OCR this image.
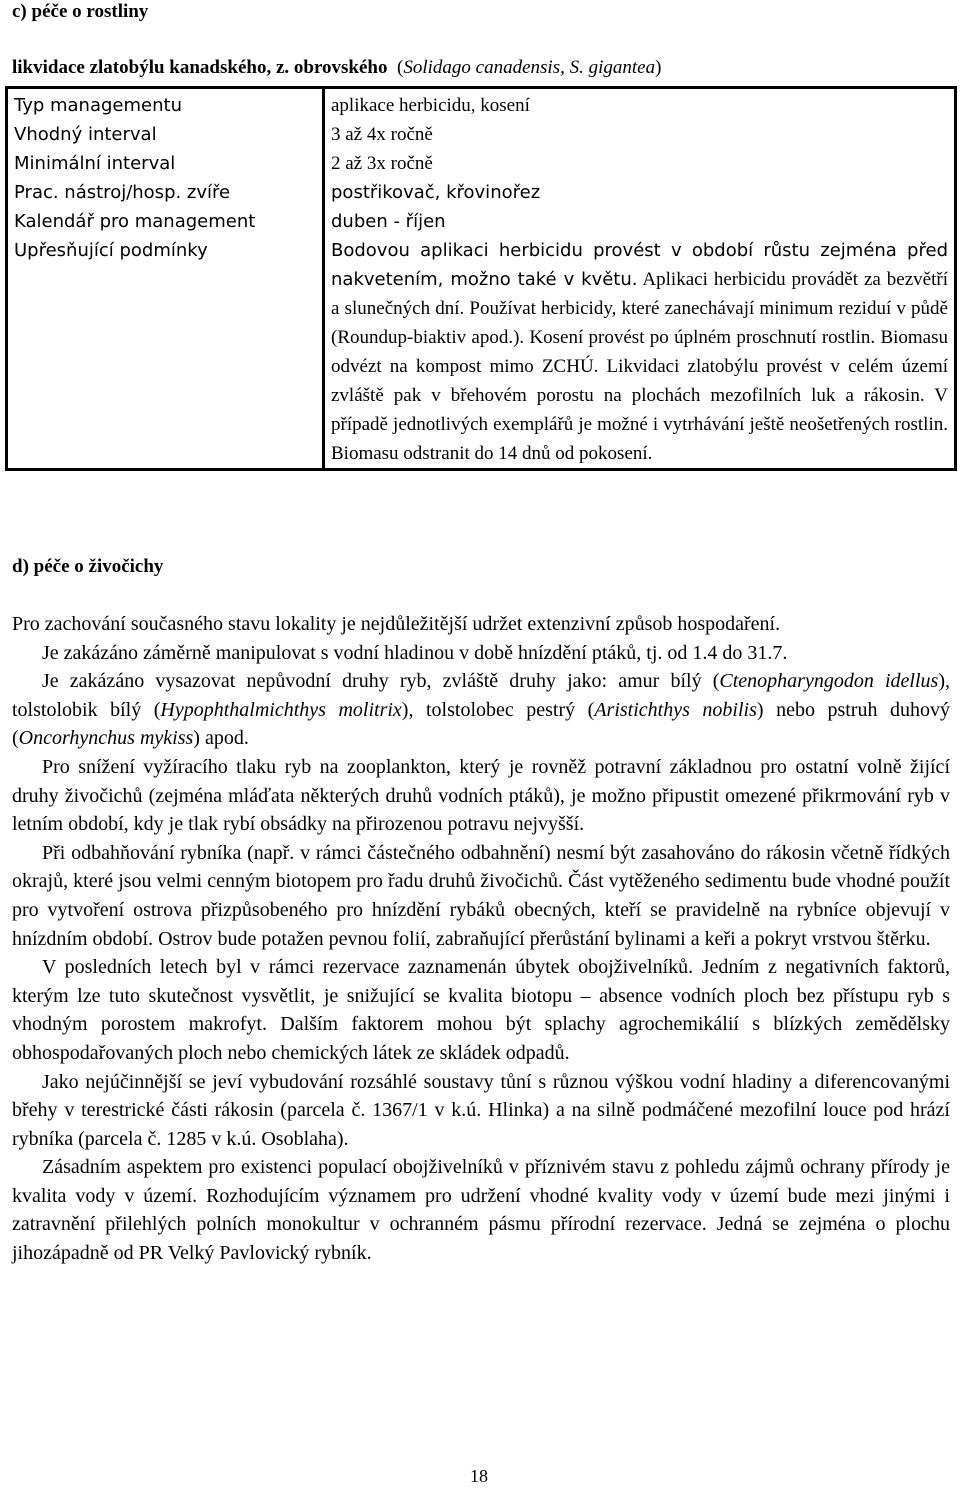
c) péče o rostliny
likvidace zlatobýlu kanadského, z. obrovského (Solidago canadensis, S. gigantea)
Typ managementu	aplikace herbicidu, kosení
Vhodný interval	3 až 4x ročně
Minimální interval	2 až 3x ročně
Prac. nástroj/hosp. zvíře	postřikovač, křovinořez
Kalendář pro management	duben - říjen
Upřesňující podmínky	Bodovou aplikaci herbicidu provést v období růstu zejména před nakvetením, možno také v květu. Aplikaci herbicidu provádět za bezvětří a slunečných dní. Používat herbicidy, které zanechávají minimum reziduí v půdě (Roundup-biaktiv apod.). Kosení provést po úplném proschnutí rostlin. Biomasu odvézt na kompost mimo ZCHÚ. Likvidaci zlatobýlu provést v celém území zvláště pak v břehovém porostu na plochách mezofilních luk a rákosin. V případě jednotlivých exemplářů je možné i vytrhávání ještě neošetřených rostlin. Biomasu odstranit do 14 dnů od pokosení.
d) péče o živočichy

Pro zachování současného stavu lokality je nejdůležitější udržet extenzivní způsob hospodaření.

Je zakázáno záměrně manipulovat s vodní hladinou v době hnízdění ptáků, tj. od 1.4 do 31.7.

Je zakázáno vysazovat nepůvodní druhy ryb, zvláště druhy jako: amur bílý (Ctenopharyngodon idellus), tolstolobik bílý (Hypophthalmichthys molitrix), tolstolobec pestrý (Aristichthys nobilis) nebo pstruh duhový (Oncorhynchus mykiss) apod.

Pro snížení vyžíracího tlaku ryb na zooplankton, který je rovněž potravní základnou pro ostatní volně žijící druhy živočichů (zejména mláďata některých druhů vodních ptáků), je možno připustit omezené přikrmování ryb v letním období, kdy je tlak rybí obsádky na přirozenou potravu nejvyšší.

Při odbahňování rybníka (např. v rámci částečného odbahnění) nesmí být zasahováno do rákosin včetně řídkých okrajů, které jsou velmi cenným biotopem pro řadu druhů živočichů. Část vytěženého sedimentu bude vhodné použít pro vytvoření ostrova přizpůsobeného pro hnízdění rybáků obecných, kteří se pravidelně na rybníce objevují v hnízdním období. Ostrov bude potažen pevnou folií, zabraňující přerůstání bylinami a keři a pokryt vrstvou štěrku.

V posledních letech byl v rámci rezervace zaznamenán úbytek obojživelníků. Jedním z negativních faktorů, kterým lze tuto skutečnost vysvětlit, je snižující se kvalita biotopu – absence vodních ploch bez přístupu ryb s vhodným porostem makrofyt. Dalším faktorem mohou být splachy agrochemikálií s blízkých zemědělsky obhospodařovaných ploch nebo chemických látek ze skládek odpadů.

Jako nejúčinnější se jeví vybudování rozsáhlé soustavy tůní s různou výškou vodní hladiny a diferencovanými břehy v terestrické části rákosin (parcela č. 1367/1 v k.ú. Hlinka) a na silně podmáčené mezofilní louce pod hrází rybníka (parcela č. 1285 v k.ú. Osoblaha).

Zásadním aspektem pro existenci populací obojživelníků v příznivém stavu z pohledu zájmů ochrany přírody je kvalita vody v území. Rozhodujícím významem pro udržení vhodné kvality vody v území bude mezi jinými i zatravnění přilehlých polních monokultur v ochranném pásmu přírodní rezervace. Jedná se zejména o plochu jihozápadně od PR Velký Pavlovický rybník.

18
